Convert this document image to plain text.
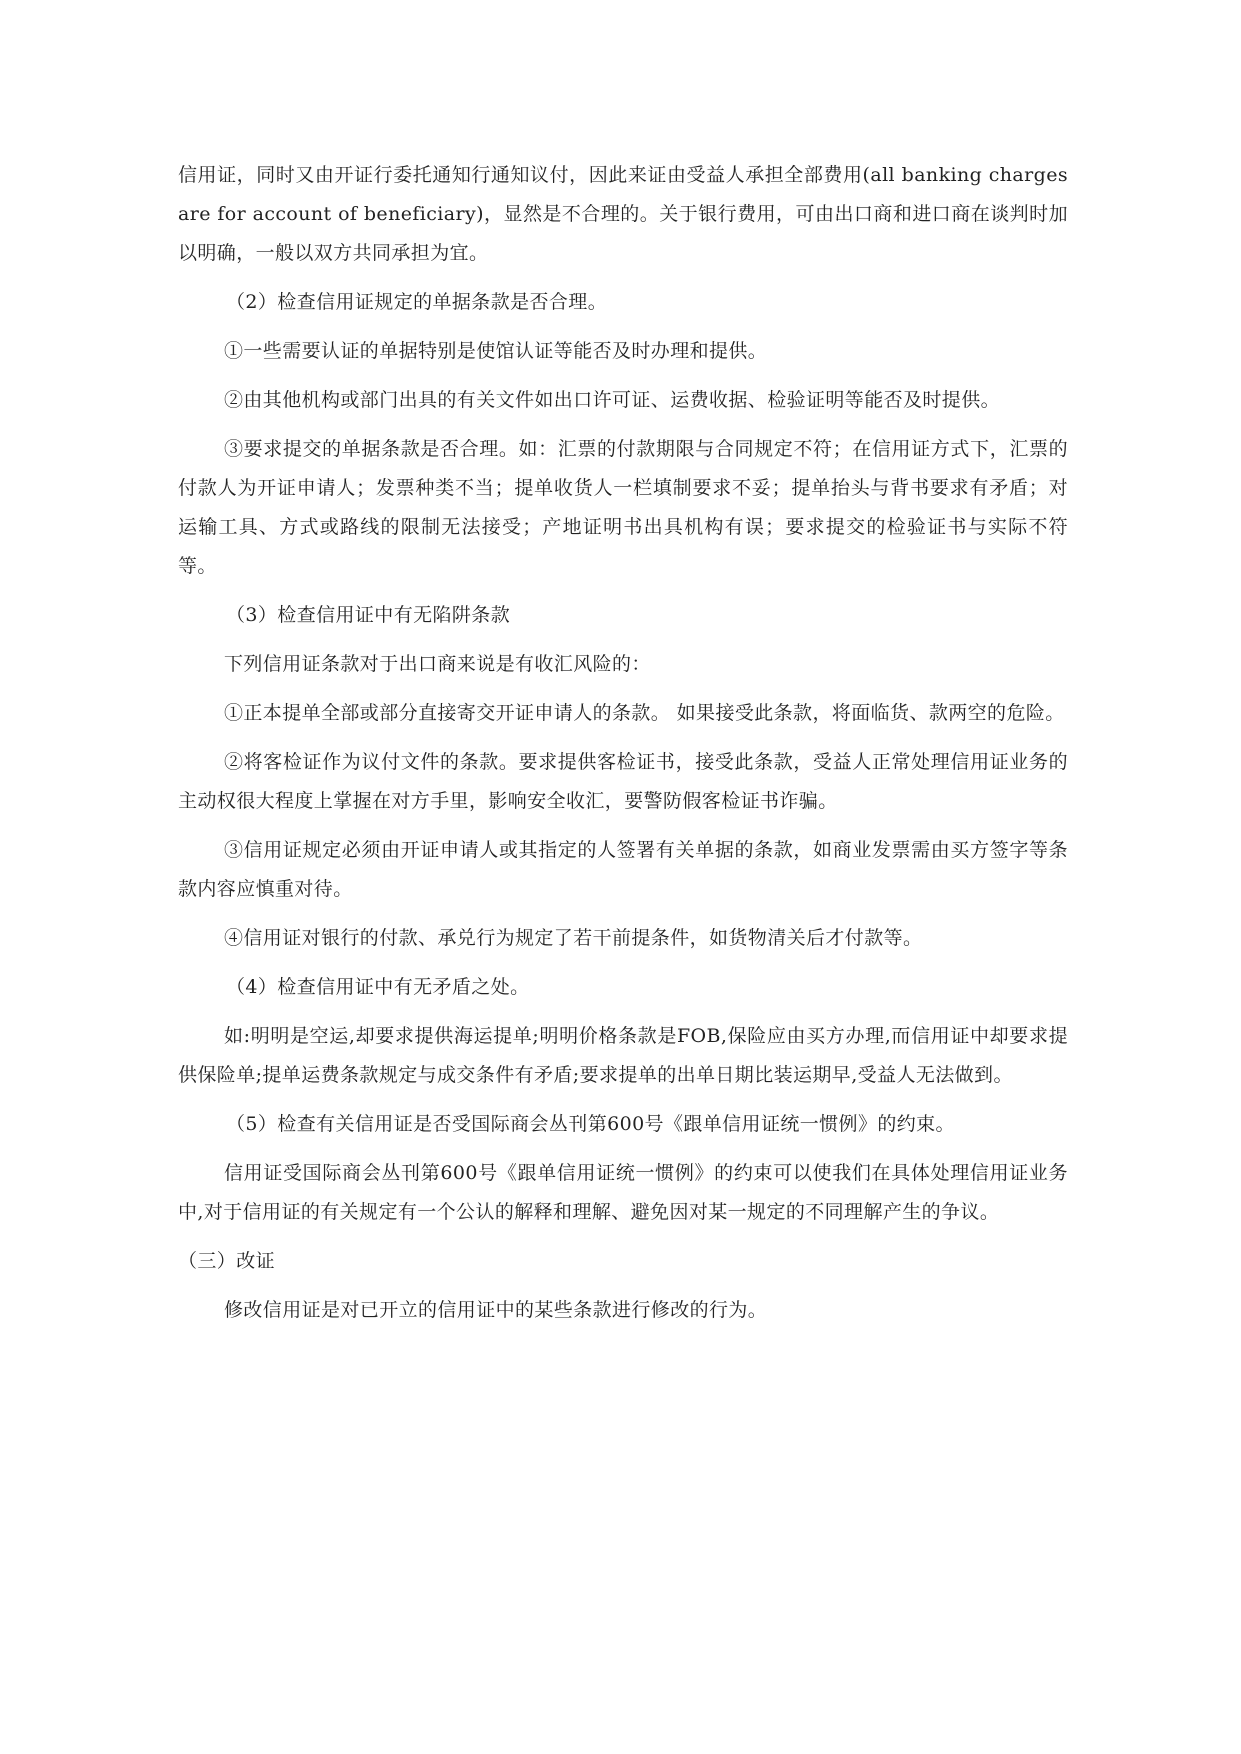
信用证，同时又由开证行委托通知行通知议付，因此来证由受益人承担全部费用(all banking charges are for account of beneficiary)，显然是不合理的。关于银行费用，可由出口商和进口商在谈判时加以明确，一般以双方共同承担为宜。

（2）检查信用证规定的单据条款是否合理。

①一些需要认证的单据特别是使馆认证等能否及时办理和提供。

②由其他机构或部门出具的有关文件如出口许可证、运费收据、检验证明等能否及时提供。

③要求提交的单据条款是否合理。如：汇票的付款期限与合同规定不符；在信用证方式下，汇票的付款人为开证申请人；发票种类不当；提单收货人一栏填制要求不妥；提单抬头与背书要求有矛盾；对运输工具、方式或路线的限制无法接受；产地证明书出具机构有误；要求提交的检验证书与实际不符等。

（3）检查信用证中有无陷阱条款

下列信用证条款对于出口商来说是有收汇风险的：

①正本提单全部或部分直接寄交开证申请人的条款。 如果接受此条款，将面临货、款两空的危险。

②将客检证作为议付文件的条款。要求提供客检证书，接受此条款，受益人正常处理信用证业务的主动权很大程度上掌握在对方手里，影响安全收汇，要警防假客检证书诈骗。

③信用证规定必须由开证申请人或其指定的人签署有关单据的条款，如商业发票需由买方签字等条款内容应慎重对待。

④信用证对银行的付款、承兑行为规定了若干前提条件，如货物清关后才付款等。

（4）检查信用证中有无矛盾之处。

如:明明是空运,却要求提供海运提单;明明价格条款是FOB,保险应由买方办理,而信用证中却要求提供保险单;提单运费条款规定与成交条件有矛盾;要求提单的出单日期比装运期早,受益人无法做到。

（5）检查有关信用证是否受国际商会丛刊第600号《跟单信用证统一惯例》的约束。

信用证受国际商会丛刊第600号《跟单信用证统一惯例》的约束可以使我们在具体处理信用证业务中,对于信用证的有关规定有一个公认的解释和理解、避免因对某一规定的不同理解产生的争议。

（三）改证

修改信用证是对已开立的信用证中的某些条款进行修改的行为。
